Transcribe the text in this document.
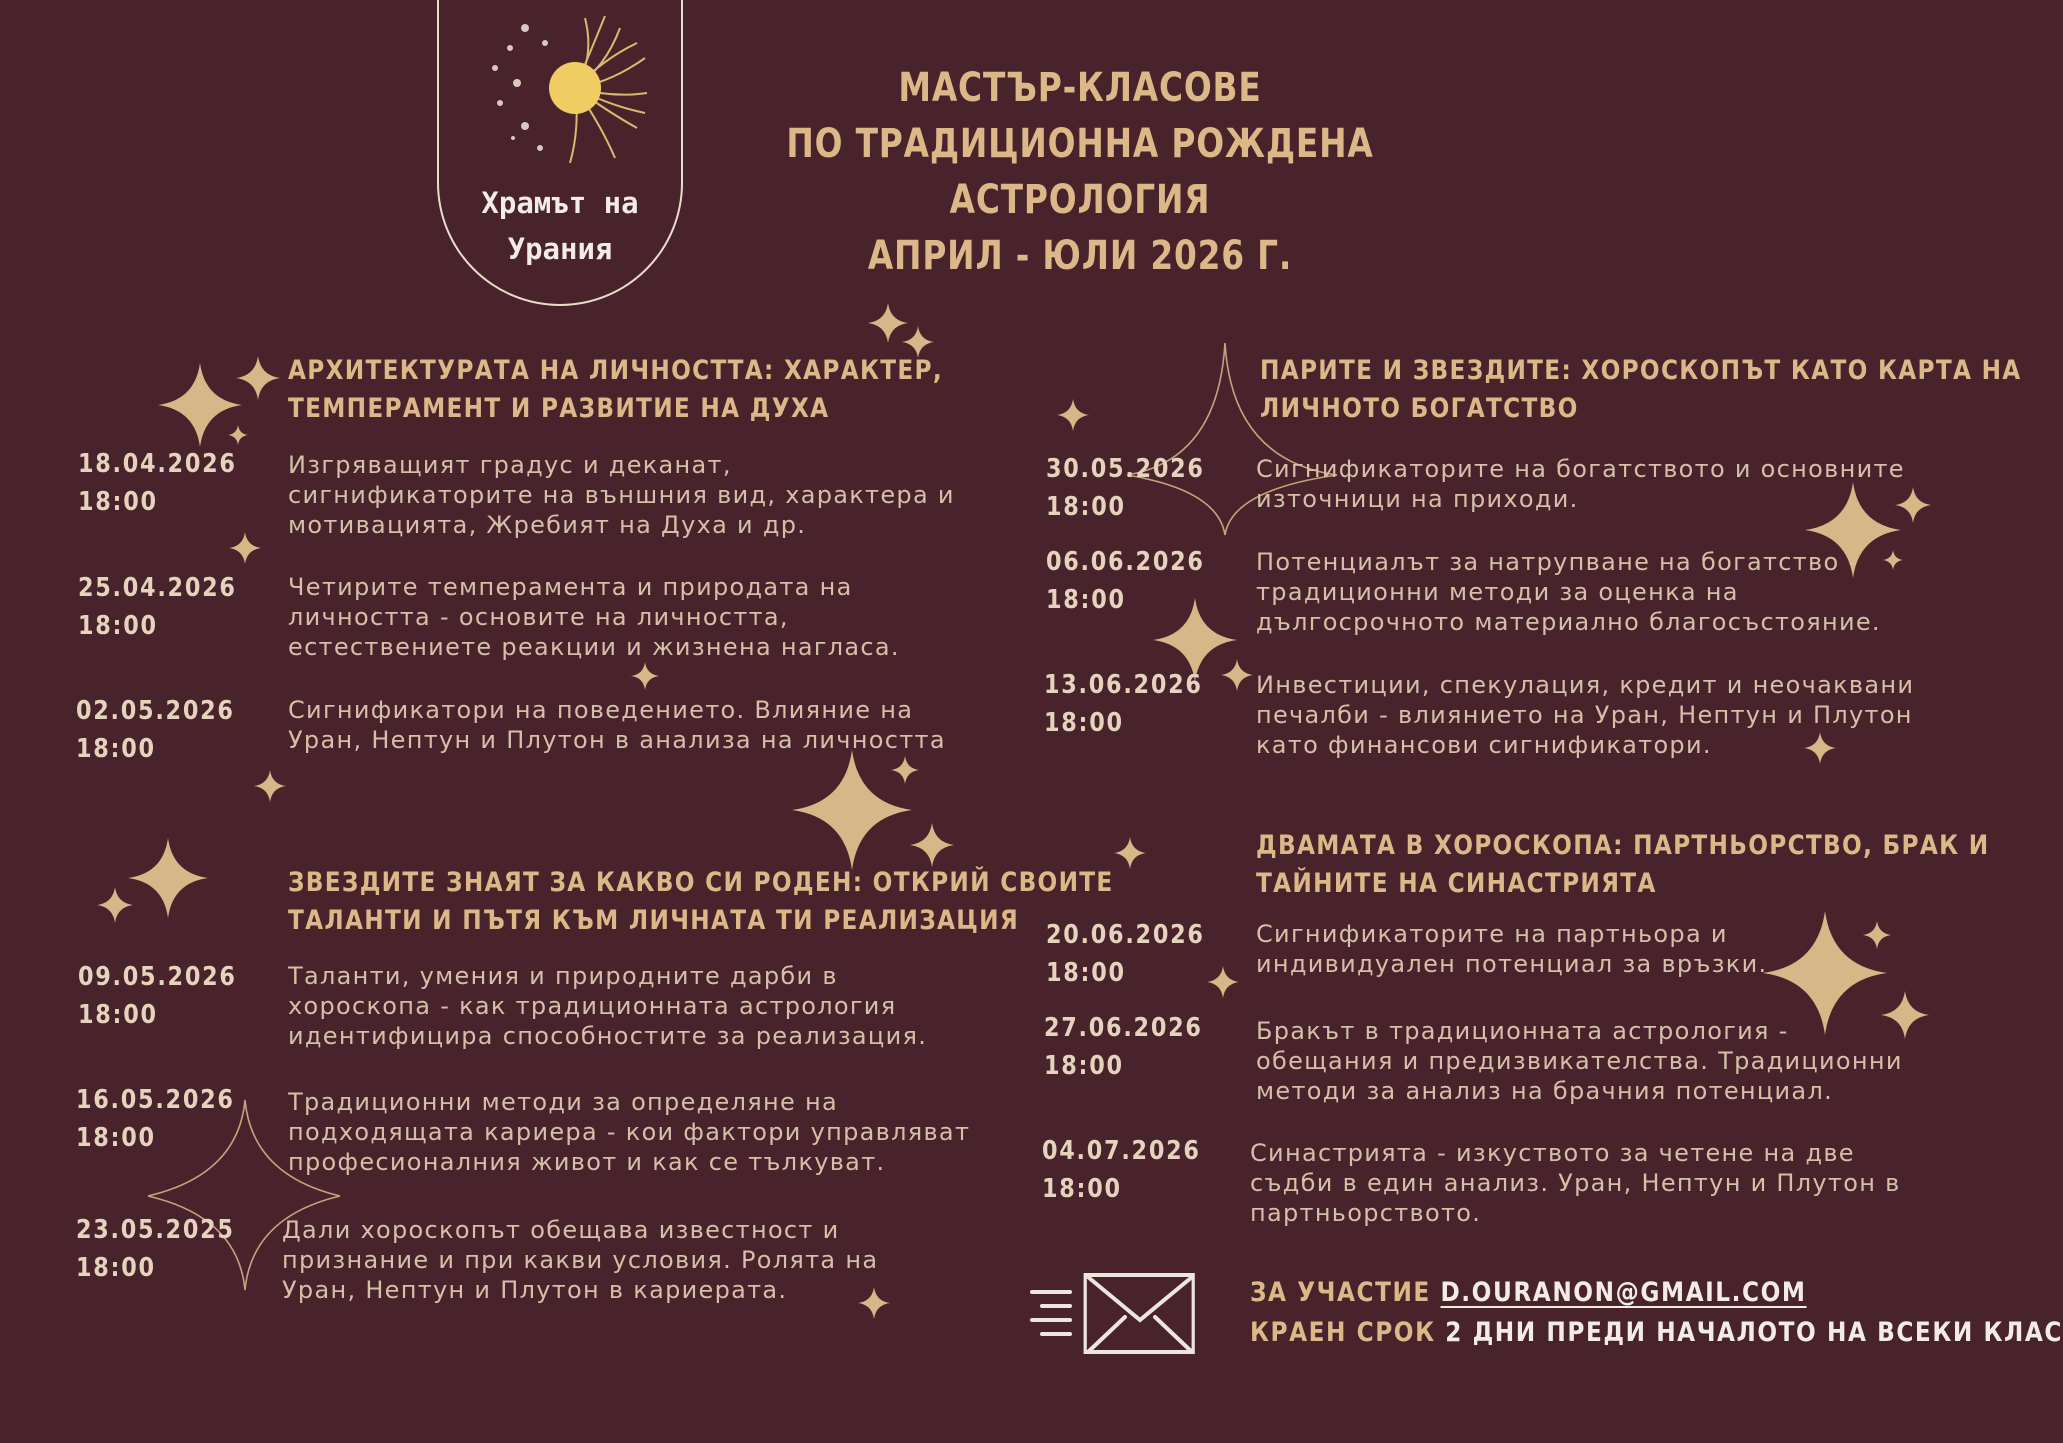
Храмът на
Урания
МАСТЪР-КЛАСОВЕ
ПО ТРАДИЦИОННА РОЖДЕНА АСТРОЛОГИЯ
АПРИЛ - ЮЛИ 2026 Г.
АРХИТЕКТУРАТА НА ЛИЧНОСТТА: ХАРАКТЕР,
ТЕМПЕРАМЕНТ И РАЗВИТИЕ НА ДУХА
18.04.2026
18:00
Изгряващият градус и деканат,
сигнификаторите на външния вид, характера и
мотивацията, Жребият на Духа и др.
25.04.2026
18:00
Четирите темперамента и природата на
личността - основите на личността,
естествениете реакции и жизнена нагласа.
02.05.2026
18:00
Сигнификатори на поведението. Влияние на
Уран, Нептун и Плутон в анализа на личността
ЗВЕЗДИТЕ ЗНАЯТ ЗА КАКВО СИ РОДЕН: ОТКРИЙ СВОИТЕ
ТАЛАНТИ И ПЪТЯ КЪМ ЛИЧНАТА ТИ РЕАЛИЗАЦИЯ
09.05.2026
18:00
Таланти, умения и природните дарби в
хороскопа - как традиционната астрология
идентифицира способностите за реализация.
16.05.2026
18:00
Традиционни методи за определяне на
подходящата кариера - кои фактори управляват
професионалния живот и как се тълкуват.
23.05.2025
18:00
Дали хороскопът обещава известност и
признание и при какви условия. Ролята на
Уран, Нептун и Плутон в кариерата.
ПАРИТЕ И ЗВЕЗДИТЕ: ХОРОСКОПЪТ КАТО КАРТА НА
ЛИЧНОТО БОГАТСТВО
30.05.2026
18:00
Сигнификаторите на богатството и основните
източници на приходи.
06.06.2026
18:00
Потенциалът за натрупване на богатство -
традиционни методи за оценка на
дългосрочното материално благосъстояние.
13.06.2026
18:00
Инвестиции, спекулация, кредит и неочаквани
печалби - влиянието на Уран, Нептун и Плутон
като финансови сигнификатори.
ДВАМАТА В ХОРОСКОПА: ПАРТНЬОРСТВО, БРАК И
ТАЙНИТЕ НА СИНАСТРИЯТА
20.06.2026
18:00
Сигнификаторите на партньора и
индивидуален потенциал за връзки.
27.06.2026
18:00
Бракът в традиционната астрология -
обещания и предизвикателства. Традиционни
методи за анализ на брачния потенциал.
04.07.2026
18:00
Синастрията - изкуството за четене на две
съдби в един анализ. Уран, Нептун и Плутон в
партньорството.
ЗА УЧАСТИЕ D.OURANON@GMAIL.COM
КРАЕН СРОК 2 ДНИ ПРЕДИ НАЧАЛОТО НА ВСЕКИ КЛАС
